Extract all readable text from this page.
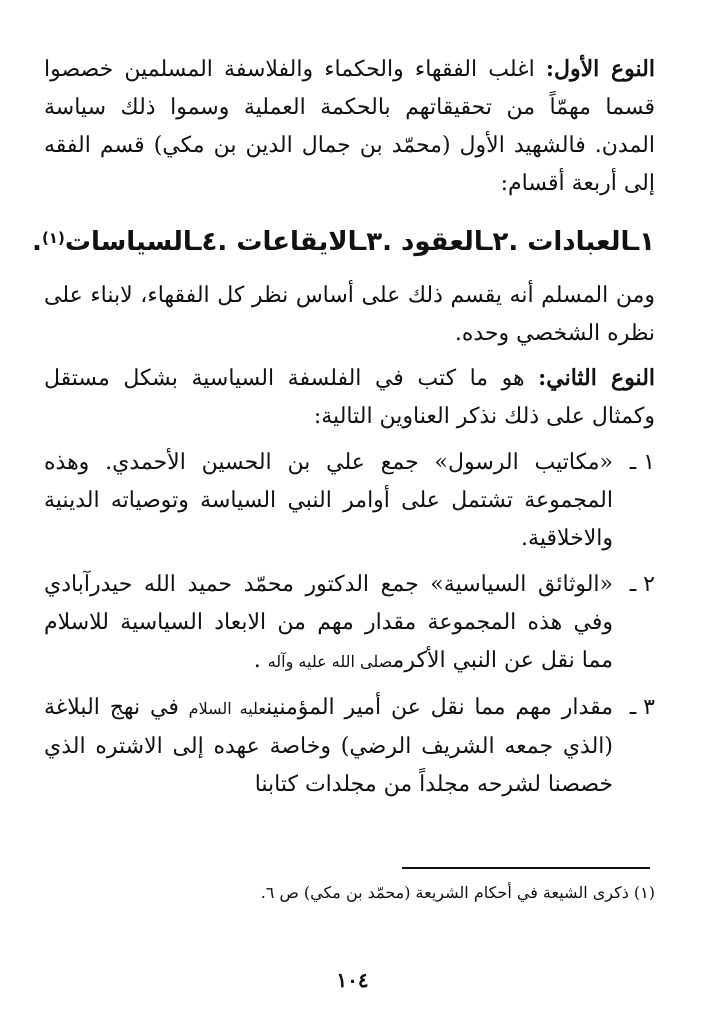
النوع الأول: اغلب الفقهاء والحكماء والفلاسفة المسلمين خصصوا قسما مهمّاً من تحقيقاتهم بالحكمة العملية وسموا ذلك سياسة المدن. فالشهيد الأول (محمّد بن جمال الدين بن مكي) قسم الفقه إلى أربعة أقسام:

١ـالعبادات .٢ـالعقود .٣ـالايقاعات .٤ـالسياسات$^{(١)}$.

ومن المسلم أنه يقسم ذلك على أساس نظر كل الفقهاء، لابناء على نظره الشخصي وحده.

النوع الثاني: هو ما كتب في الفلسفة السياسية بشكل مستقل وكمثال على ذلك نذكر العناوين التالية:

١ ـ
«مكاتيب الرسول» جمع علي بن الحسين الأحمدي. وهذه المجموعة تشتمل على أوامر النبي السياسة وتوصياته الدينية والاخلاقية.
٢ ـ
«الوثائق السياسية» جمع الدكتور محمّد حميد الله حيدرآبادي وفي هذه المجموعة مقدار مهم من الابعاد السياسية للاسلام مما نقل عن النبي الأكرمصلى الله عليه وآله .
٣ ـ
مقدار مهم مما نقل عن أمير المؤمنينعليه السلام في نهج البلاغة (الذي جمعه الشريف الرضي) وخاصة عهده إلى الاشتره الذي خصصنا لشرحه مجلداً من مجلدات كتابنا
(١) ذكرى الشيعة في أحكام الشريعة (محمّد بن مكي) ص ٦.
١٠٤
